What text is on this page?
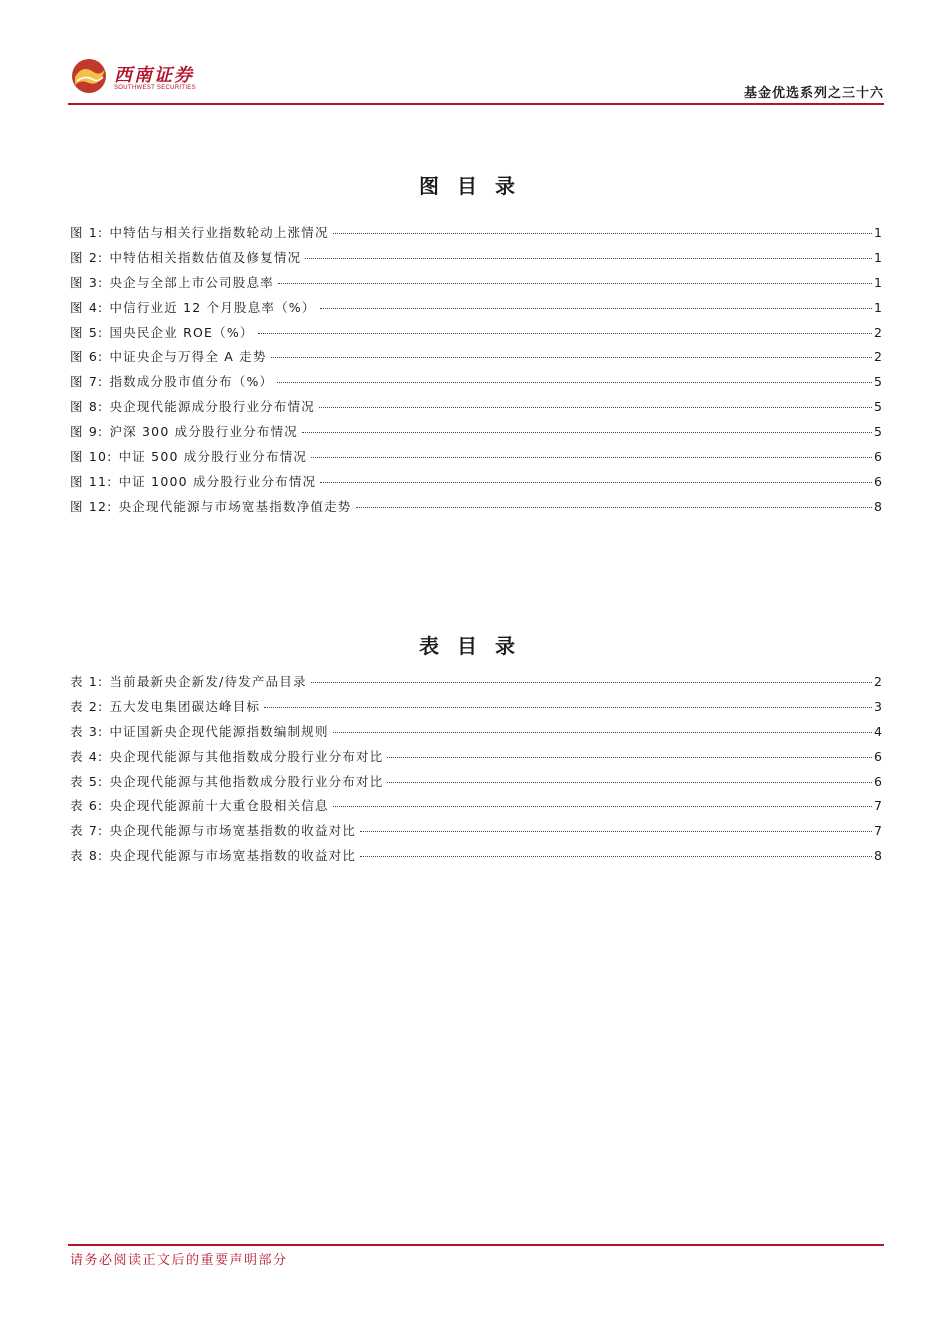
西南证券
SOUTHWEST SECURITIES	基金优选系列之三十六
图目录
图 1: 中特估与相关行业指数轮动上涨情况	1
图 2: 中特估相关指数估值及修复情况	1
图 3: 央企与全部上市公司股息率	1
图 4: 中信行业近 12 个月股息率（%）	1
图 5: 国央民企业 ROE（%）	2
图 6: 中证央企与万得全 A 走势	2
图 7: 指数成分股市值分布（%）	5
图 8: 央企现代能源成分股行业分布情况	5
图 9: 沪深 300 成分股行业分布情况	5
图 10: 中证 500 成分股行业分布情况	6
图 11: 中证 1000 成分股行业分布情况	6
图 12: 央企现代能源与市场宽基指数净值走势	8
表目录
表 1: 当前最新央企新发/待发产品目录	2
表 2: 五大发电集团碳达峰目标	3
表 3: 中证国新央企现代能源指数编制规则	4
表 4: 央企现代能源与其他指数成分股行业分布对比	6
表 5: 央企现代能源与其他指数成分股行业分布对比	6
表 6: 央企现代能源前十大重仓股相关信息	7
表 7: 央企现代能源与市场宽基指数的收益对比	7
表 8: 央企现代能源与市场宽基指数的收益对比	8
请务必阅读正文后的重要声明部分
